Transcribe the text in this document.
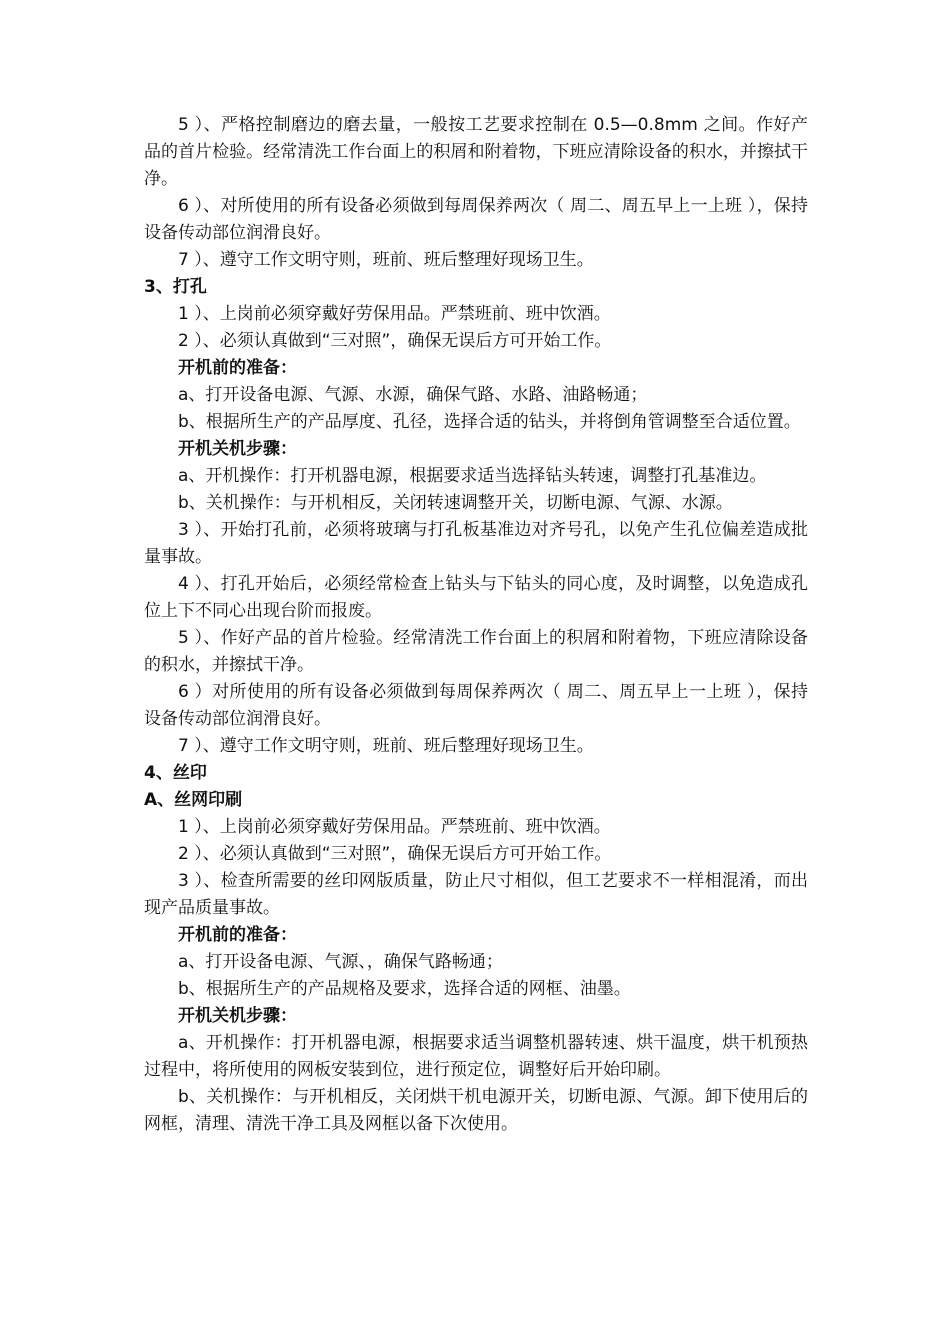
5 ）、严格控制磨边的磨去量，一般按工艺要求控制在 0.5—0.8mm 之间。作好产品的首片检验。经常清洗工作台面上的积屑和附着物，下班应清除设备的积水，并擦拭干净。

6 ）、对所使用的所有设备必须做到每周保养两次（ 周二、周五早上一上班 ），保持设备传动部位润滑良好。

7 ）、遵守工作文明守则，班前、班后整理好现场卫生。

3、打孔

1 ）、上岗前必须穿戴好劳保用品。严禁班前、班中饮酒。

2 ）、必须认真做到“三对照”，确保无误后方可开始工作。

开机前的准备：

a、打开设备电源、气源、水源，确保气路、水路、油路畅通；

b、根据所生产的产品厚度、孔径，选择合适的钻头，并将倒角管调整至合适位置。

开机关机步骤：

a、开机操作：打开机器电源，根据要求适当选择钻头转速，调整打孔基准边。

b、关机操作：与开机相反，关闭转速调整开关，切断电源、气源、水源。

3 ）、开始打孔前，必须将玻璃与打孔板基准边对齐号孔，以免产生孔位偏差造成批量事故。

4 ）、打孔开始后，必须经常检查上钻头与下钻头的同心度，及时调整，以免造成孔位上下不同心出现台阶而报废。

5 ）、作好产品的首片检验。经常清洗工作台面上的积屑和附着物，下班应清除设备的积水，并擦拭干净。

6 ）对所使用的所有设备必须做到每周保养两次（ 周二、周五早上一上班 ），保持设备传动部位润滑良好。

7 ）、遵守工作文明守则，班前、班后整理好现场卫生。

4、丝印

A、丝网印刷

1 ）、上岗前必须穿戴好劳保用品。严禁班前、班中饮酒。

2 ）、必须认真做到“三对照”，确保无误后方可开始工作。

3 ）、检查所需要的丝印网版质量，防止尺寸相似，但工艺要求不一样相混淆，而出现产品质量事故。

开机前的准备：

a、打开设备电源、气源、，确保气路畅通；

b、根据所生产的产品规格及要求，选择合适的网框、油墨。

开机关机步骤：

a、开机操作：打开机器电源，根据要求适当调整机器转速、烘干温度，烘干机预热过程中，将所使用的网板安装到位，进行预定位，调整好后开始印刷。

b、关机操作：与开机相反，关闭烘干机电源开关，切断电源、气源。卸下使用后的网框，清理、清洗干净工具及网框以备下次使用。
